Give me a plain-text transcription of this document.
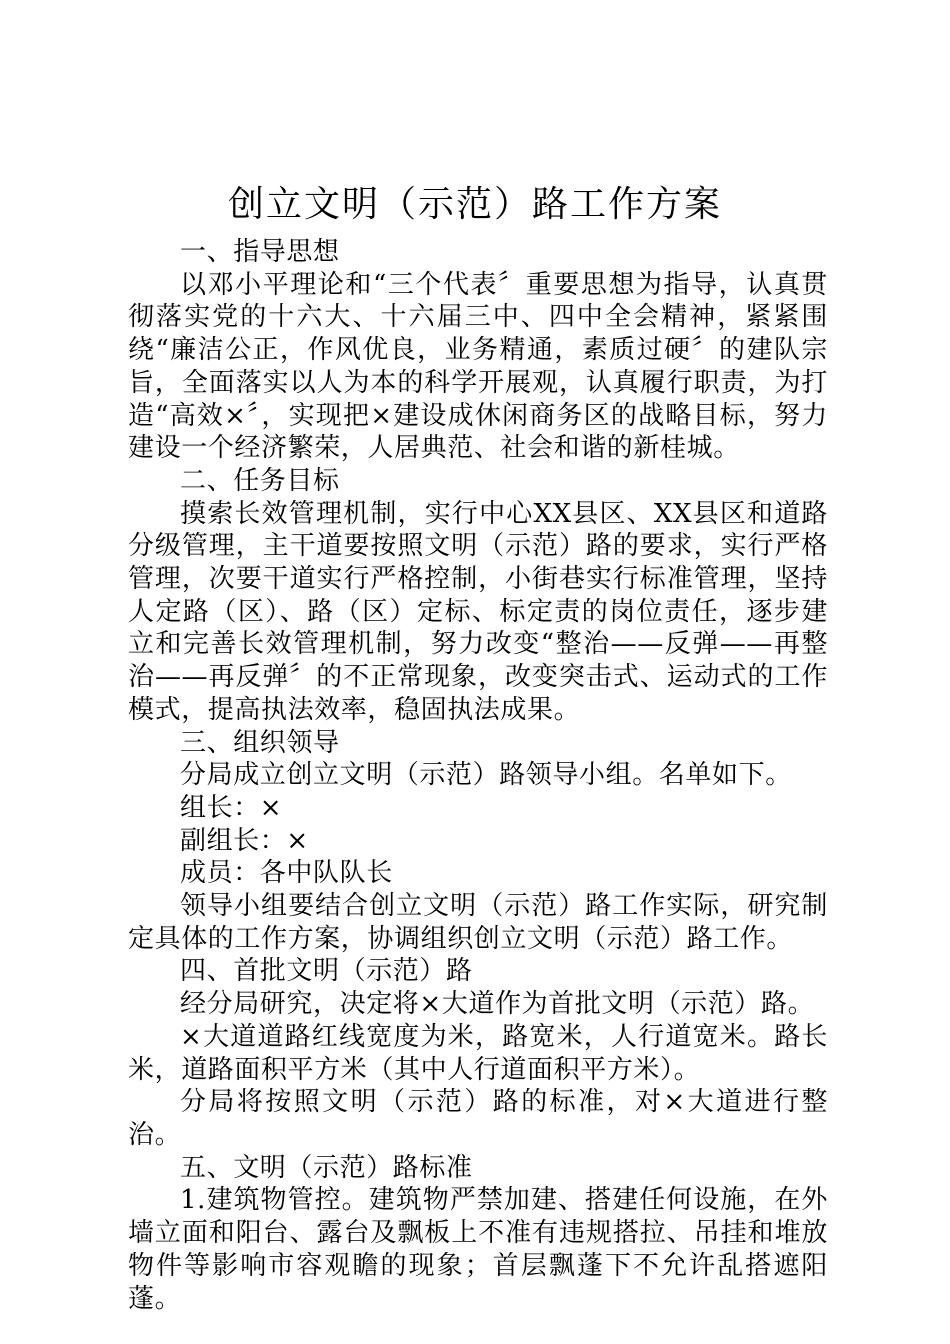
创立文明（示范）路工作方案

一、指导思想

以邓小平理论和“三个代表〞重要思想为指导，认真贯彻落实党的十六大、十六届三中、四中全会精神，紧紧围绕“廉洁公正，作风优良，业务精通，素质过硬〞的建队宗旨，全面落实以人为本的科学开展观，认真履行职责，为打造“高效×〞，实现把×建设成休闲商务区的战略目标，努力建设一个经济繁荣，人居典范、社会和谐的新桂城。

二、任务目标

摸索长效管理机制，实行中心XX县区、XX县区和道路分级管理，主干道要按照文明（示范）路的要求，实行严格管理，次要干道实行严格控制，小街巷实行标准管理，坚持人定路（区）、路（区）定标、标定责的岗位责任，逐步建立和完善长效管理机制，努力改变“整治——反弹——再整治——再反弹〞的不正常现象，改变突击式、运动式的工作模式，提高执法效率，稳固执法成果。

三、组织领导

分局成立创立文明（示范）路领导小组。名单如下。

组长：×

副组长：×

成员：各中队队长

领导小组要结合创立文明（示范）路工作实际，研究制定具体的工作方案，协调组织创立文明（示范）路工作。

四、首批文明（示范）路

经分局研究，决定将×大道作为首批文明（示范）路。

×大道道路红线宽度为米，路宽米，人行道宽米。路长米，道路面积平方米（其中人行道面积平方米）。

分局将按照文明（示范）路的标准，对×大道进行整治。

五、文明（示范）路标准

1.建筑物管控。建筑物严禁加建、搭建任何设施，在外墙立面和阳台、露台及飘板上不准有违规搭拉、吊挂和堆放物件等影响市容观瞻的现象；首层飘蓬下不允许乱搭遮阳蓬。
